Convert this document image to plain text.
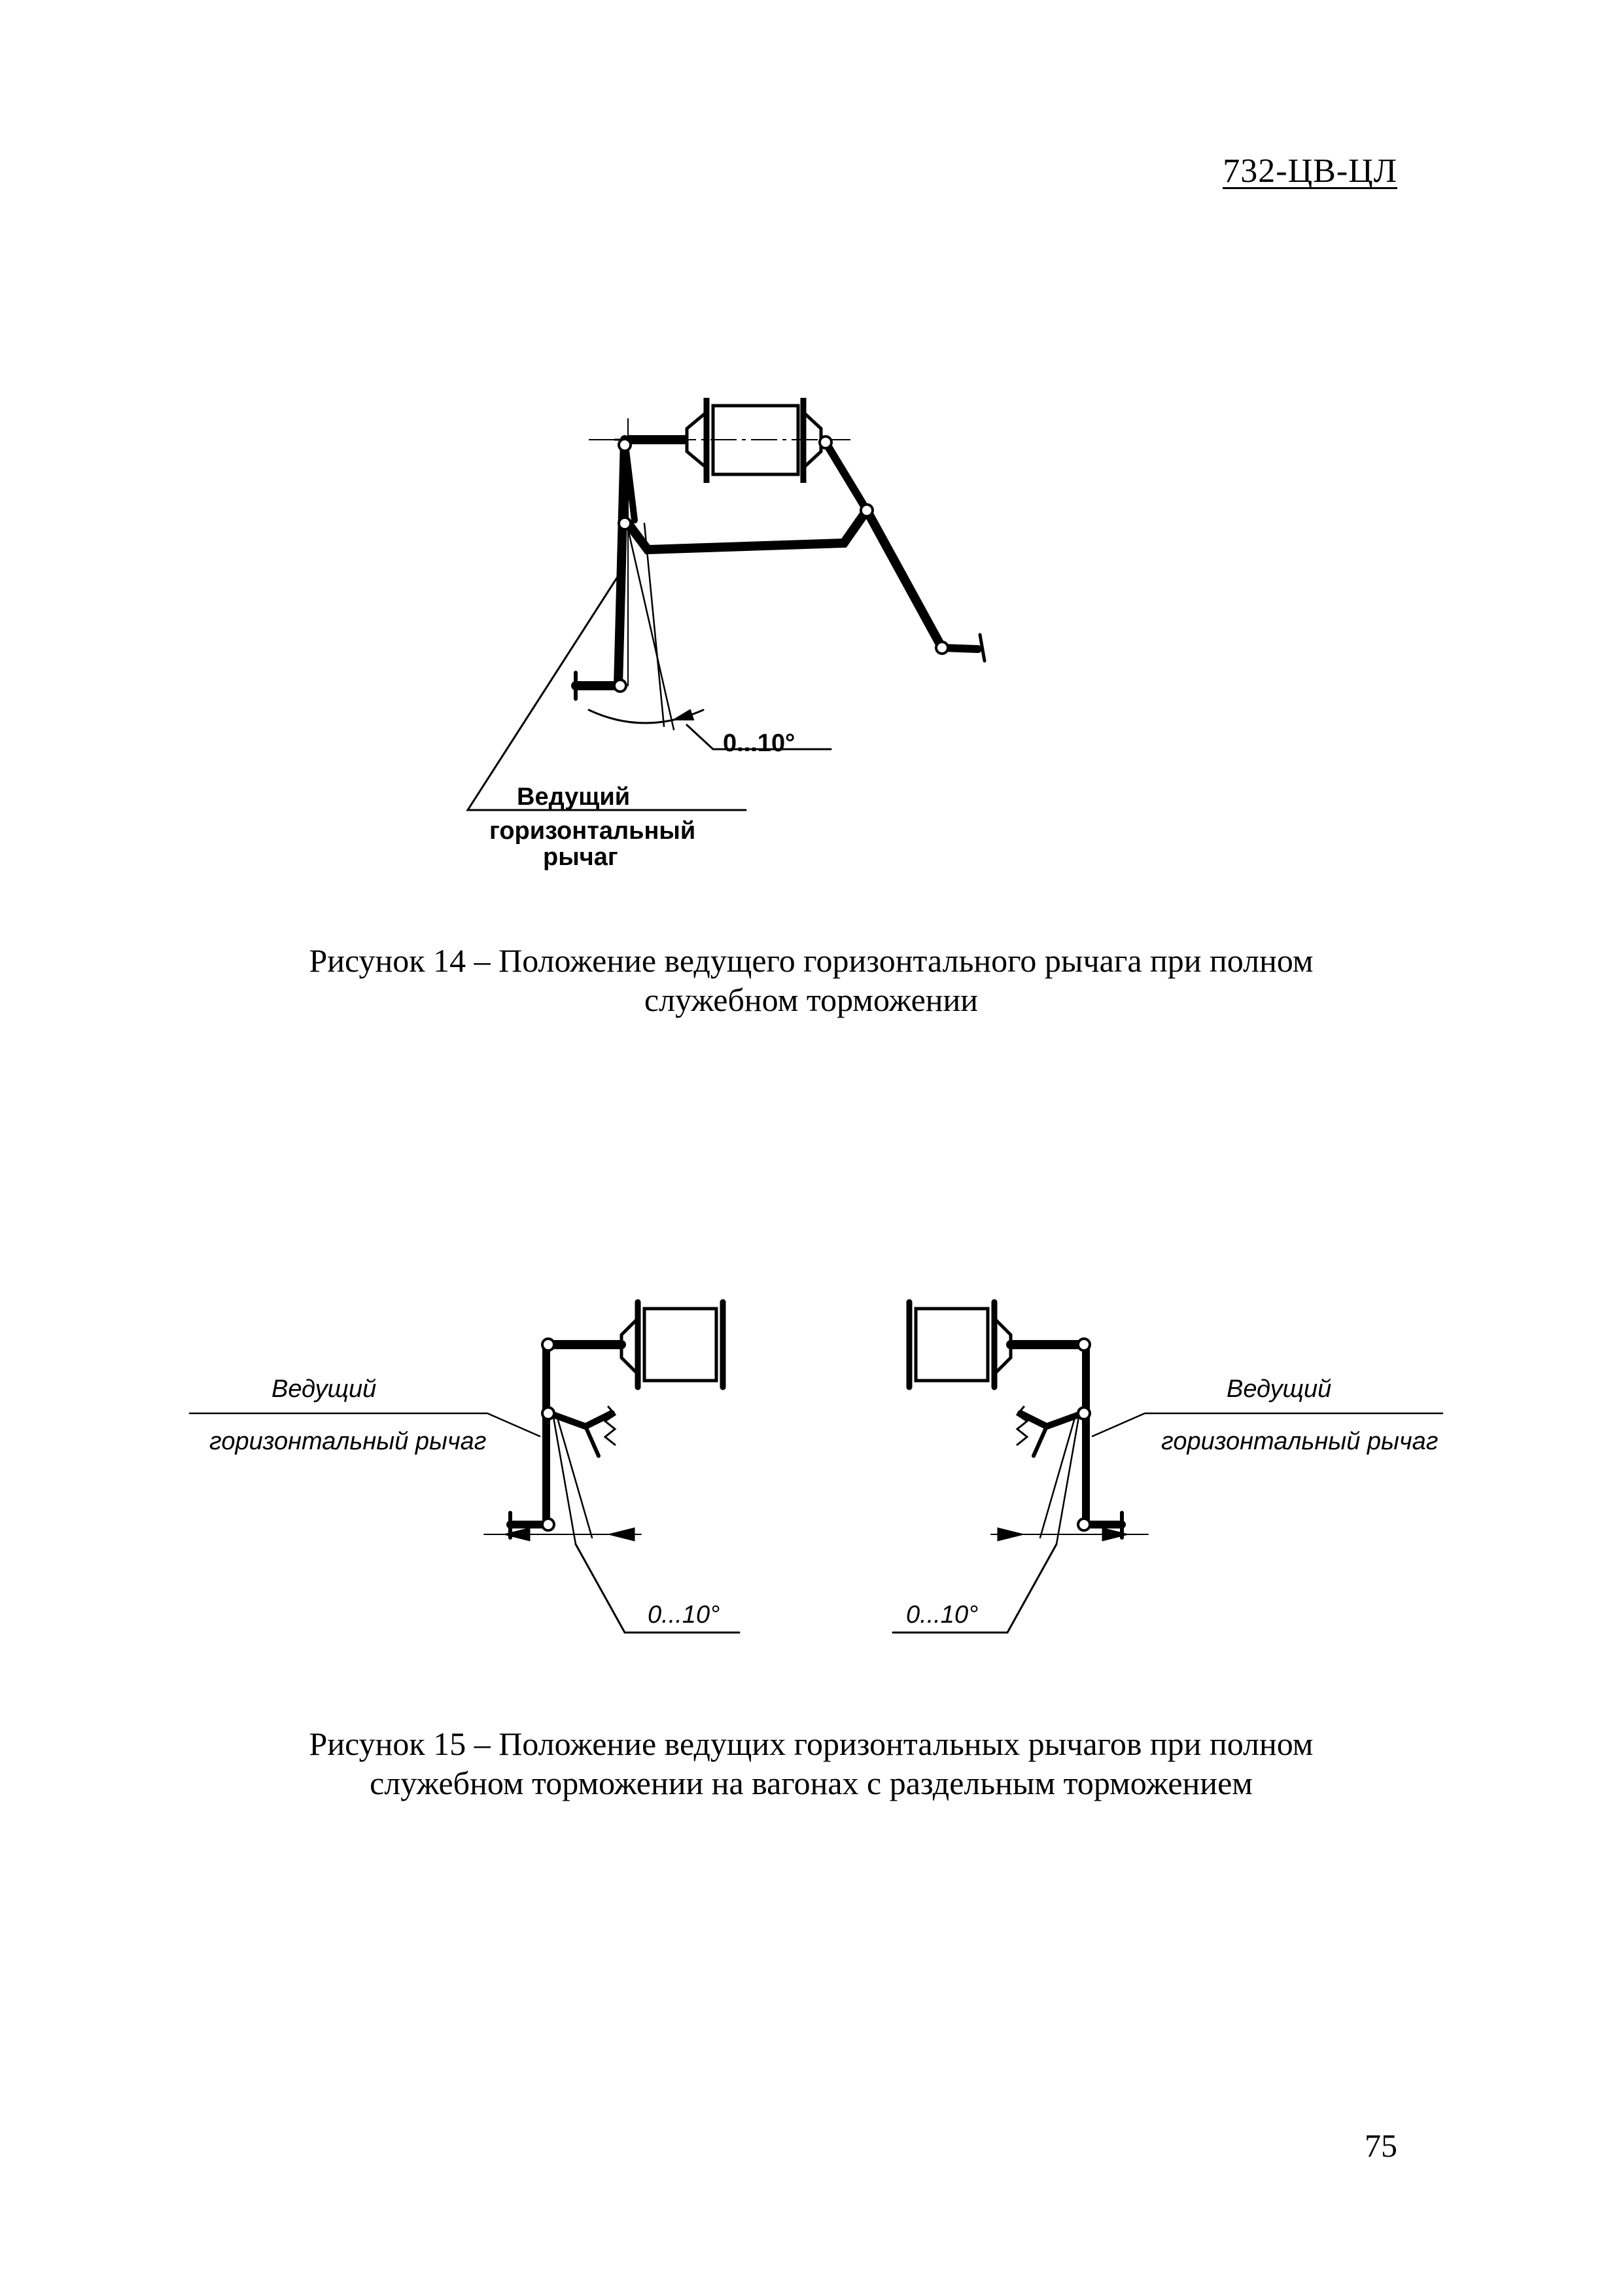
732-ЦВ-ЦЛ
0...10°
Ведущий
горизонтальный
рычаг
Рисунок 14 – Положение ведущего горизонтального рычага при полном
служебном торможении
Ведущий
горизонтальный рычаг
0...10°
Ведущий
горизонтальный рычаг
0...10°
Рисунок 15 – Положение ведущих горизонтальных рычагов при полном
служебном торможении на вагонах с раздельным торможением
75
